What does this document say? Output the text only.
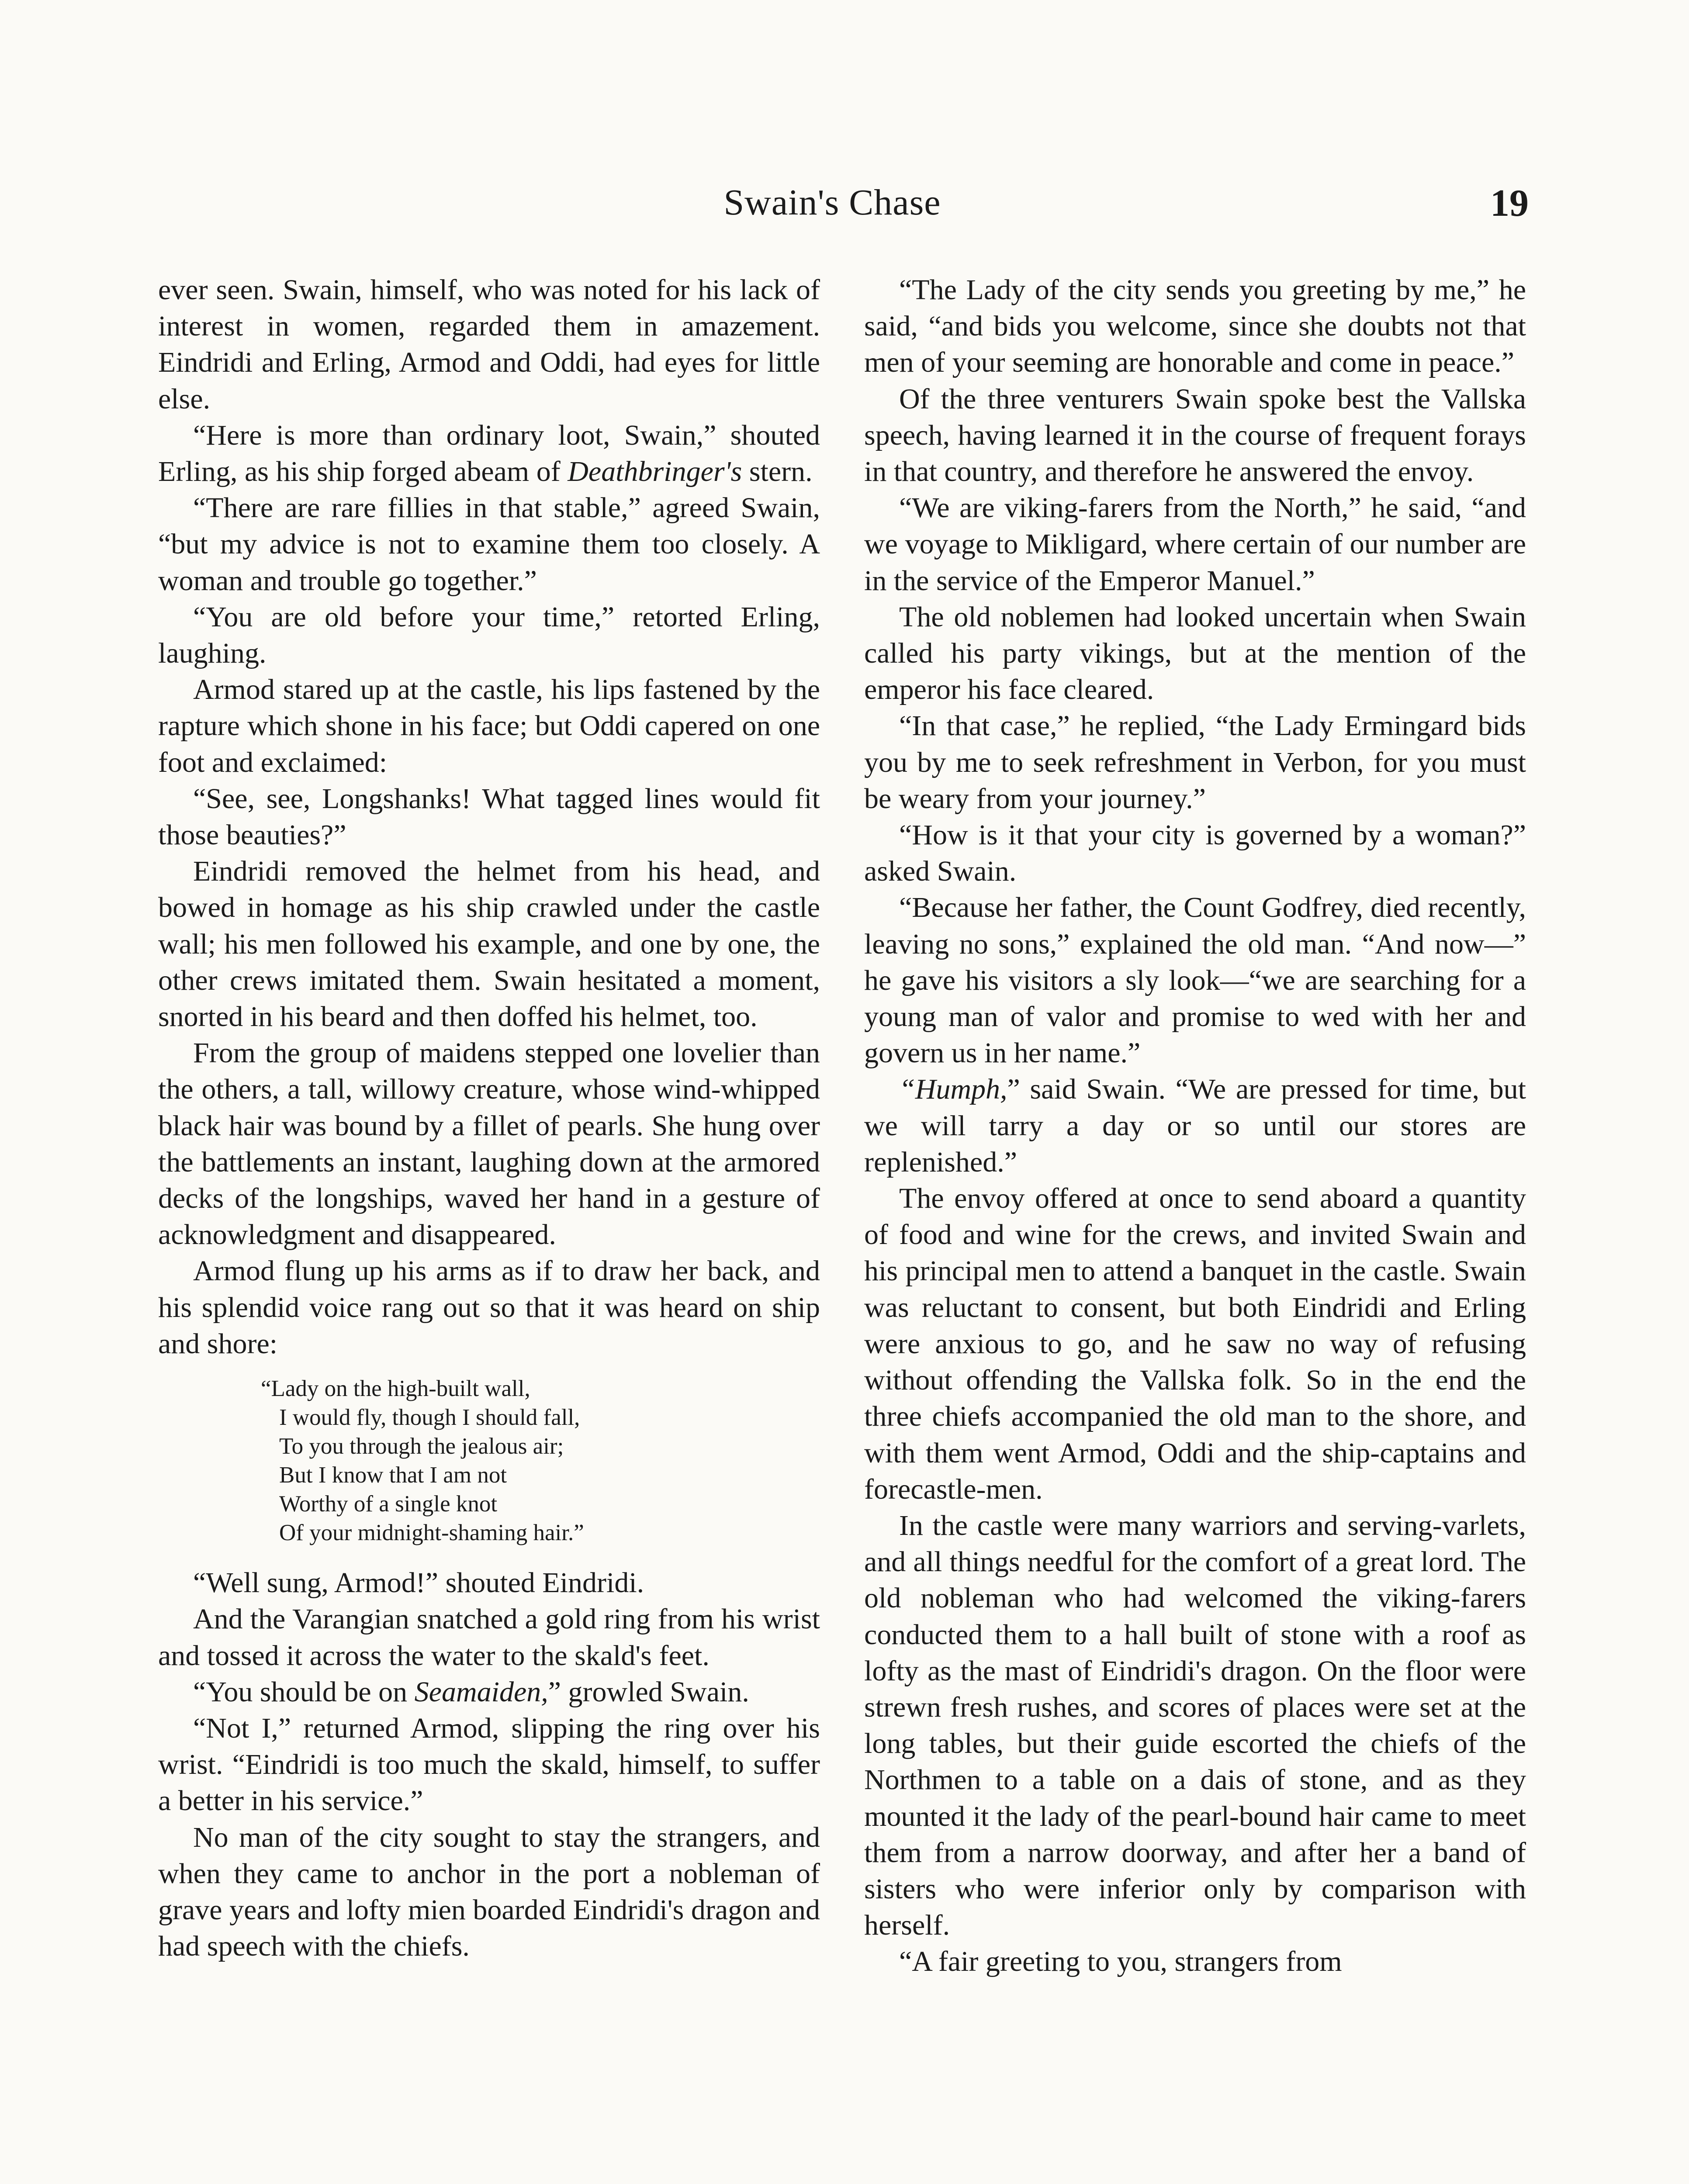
Swain's Chase	19

ever seen. Swain, himself, who was noted for his lack of interest in women, regarded them in amazement. Eindridi and Erling, Armod and Oddi, had eyes for little else.

“Here is more than ordinary loot, Swain,” shouted Erling, as his ship forged abeam of Deathbringer's stern.

“There are rare fillies in that stable,” agreed Swain, “but my advice is not to examine them too closely. A woman and trouble go together.”

“You are old before your time,” retorted Erling, laughing.

Armod stared up at the castle, his lips fastened by the rapture which shone in his face; but Oddi capered on one foot and exclaimed:

“See, see, Longshanks! What tagged lines would fit those beauties?”

Eindridi removed the helmet from his head, and bowed in homage as his ship crawled under the castle wall; his men followed his example, and one by one, the other crews imitated them. Swain hesitated a moment, snorted in his beard and then doffed his helmet, too.

From the group of maidens stepped one lovelier than the others, a tall, willowy creature, whose wind-whipped black hair was bound by a fillet of pearls. She hung over the battlements an instant, laughing down at the armored decks of the longships, waved her hand in a gesture of acknowledgment and disappeared.

Armod flung up his arms as if to draw her back, and his splendid voice rang out so that it was heard on ship and shore:

“Lady on the high-built wall,
I would fly, though I should fall,
To you through the jealous air;
But I know that I am not
Worthy of a single knot
Of your midnight-shaming hair.”

“Well sung, Armod!” shouted Eindridi.

And the Varangian snatched a gold ring from his wrist and tossed it across the water to the skald's feet.

“You should be on Seamaiden,” growled Swain.

“Not I,” returned Armod, slipping the ring over his wrist. “Eindridi is too much the skald, himself, to suffer a better in his service.”

No man of the city sought to stay the strangers, and when they came to anchor in the port a nobleman of grave years and lofty mien boarded Eindridi's dragon and had speech with the chiefs.

“The Lady of the city sends you greeting by me,” he said, “and bids you welcome, since she doubts not that men of your seeming are honorable and come in peace.”

Of the three venturers Swain spoke best the Vallska speech, having learned it in the course of frequent forays in that country, and therefore he answered the envoy.

“We are viking-farers from the North,” he said, “and we voyage to Mikligard, where certain of our number are in the service of the Emperor Manuel.”

The old noblemen had looked uncertain when Swain called his party vikings, but at the mention of the emperor his face cleared.

“In that case,” he replied, “the Lady Ermingard bids you by me to seek refreshment in Verbon, for you must be weary from your journey.”

“How is it that your city is governed by a woman?” asked Swain.

“Because her father, the Count Godfrey, died recently, leaving no sons,” explained the old man. “And now—” he gave his visitors a sly look—“we are searching for a young man of valor and promise to wed with her and govern us in her name.”

“Humph,” said Swain. “We are pressed for time, but we will tarry a day or so until our stores are replenished.”

The envoy offered at once to send aboard a quantity of food and wine for the crews, and invited Swain and his principal men to attend a banquet in the castle. Swain was reluctant to consent, but both Eindridi and Erling were anxious to go, and he saw no way of refusing without offending the Vallska folk. So in the end the three chiefs accompanied the old man to the shore, and with them went Armod, Oddi and the ship-captains and forecastle-men.

In the castle were many warriors and serving-varlets, and all things needful for the comfort of a great lord. The old nobleman who had welcomed the viking-farers conducted them to a hall built of stone with a roof as lofty as the mast of Eindridi's dragon. On the floor were strewn fresh rushes, and scores of places were set at the long tables, but their guide escorted the chiefs of the Northmen to a table on a dais of stone, and as they mounted it the lady of the pearl-bound hair came to meet them from a narrow doorway, and after her a band of sisters who were inferior only by comparison with herself.

“A fair greeting to you, strangers from
